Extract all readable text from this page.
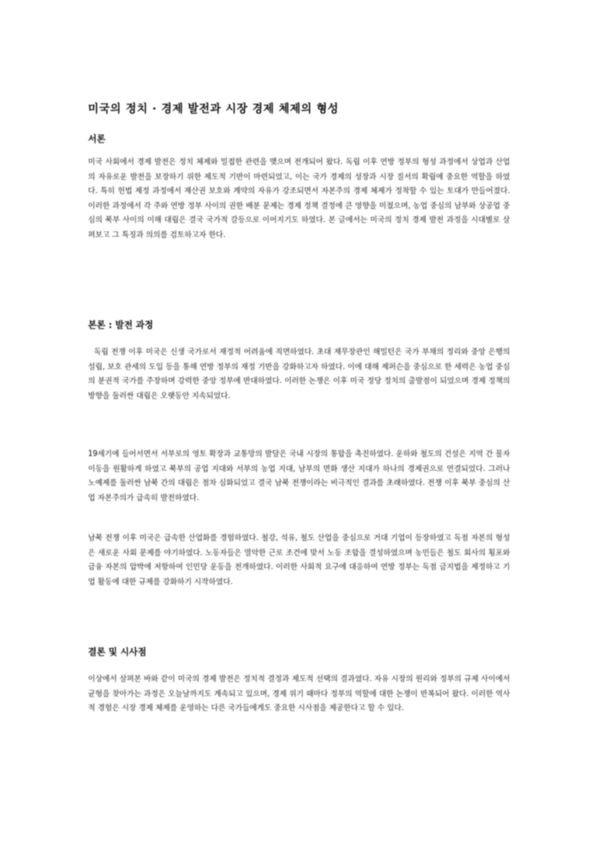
미국의 정치 · 경제 발전과 시장 경제 체제의 형성
서론
미국 사회에서 경제 발전은 정치 체제와 밀접한 관련을 맺으며 전개되어 왔다. 독립 이후 연방 정부의 형성 과정에서 상업과 산업의 자유로운 발전을 보장하기 위한 제도적 기반이 마련되었고, 이는 국가 경제의 성장과 시장 질서의 확립에 중요한 역할을 하였다. 특히 헌법 제정 과정에서 재산권 보호와 계약의 자유가 강조되면서 자본주의 경제 체제가 정착할 수 있는 토대가 만들어졌다. 이러한 과정에서 각 주와 연방 정부 사이의 권한 배분 문제는 경제 정책 결정에 큰 영향을 미쳤으며, 농업 중심의 남부와 상공업 중심의 북부 사이의 이해 대립은 결국 국가적 갈등으로 이어지기도 하였다. 본 글에서는 미국의 정치 경제 발전 과정을 시대별로 살펴보고 그 특징과 의의를 검토하고자 한다.
본론 : 발전 과정
독립 전쟁 이후 미국은 신생 국가로서 재정적 어려움에 직면하였다. 초대 재무장관인 해밀턴은 국가 부채의 정리와 중앙 은행의 설립, 보호 관세의 도입 등을 통해 연방 정부의 재정 기반을 강화하고자 하였다. 이에 대해 제퍼슨을 중심으로 한 세력은 농업 중심의 분권적 국가를 주장하며 강력한 중앙 정부에 반대하였다. 이러한 논쟁은 이후 미국 정당 정치의 출발점이 되었으며 경제 정책의 방향을 둘러싼 대립은 오랫동안 지속되었다.
19세기에 들어서면서 서부로의 영토 확장과 교통망의 발달은 국내 시장의 통합을 촉진하였다. 운하와 철도의 건설은 지역 간 물자 이동을 원활하게 하였고 북부의 공업 지대와 서부의 농업 지대, 남부의 면화 생산 지대가 하나의 경제권으로 연결되었다. 그러나 노예제를 둘러싼 남북 간의 대립은 점차 심화되었고 결국 남북 전쟁이라는 비극적인 결과를 초래하였다. 전쟁 이후 북부 중심의 산업 자본주의가 급속히 발전하였다.
남북 전쟁 이후 미국은 급속한 산업화를 경험하였다. 철강, 석유, 철도 산업을 중심으로 거대 기업이 등장하였고 독점 자본의 형성은 새로운 사회 문제를 야기하였다. 노동자들은 열악한 근로 조건에 맞서 노동 조합을 결성하였으며 농민들은 철도 회사의 횡포와 금융 자본의 압박에 저항하여 인민당 운동을 전개하였다. 이러한 사회적 요구에 대응하여 연방 정부는 독점 금지법을 제정하고 기업 활동에 대한 규제를 강화하기 시작하였다.
결론 및 시사점
이상에서 살펴본 바와 같이 미국의 경제 발전은 정치적 결정과 제도적 선택의 결과였다. 자유 시장의 원리와 정부의 규제 사이에서 균형을 찾아가는 과정은 오늘날까지도 계속되고 있으며, 경제 위기 때마다 정부의 역할에 대한 논쟁이 반복되어 왔다. 이러한 역사적 경험은 시장 경제 체제를 운영하는 다른 국가들에게도 중요한 시사점을 제공한다고 할 수 있다.
